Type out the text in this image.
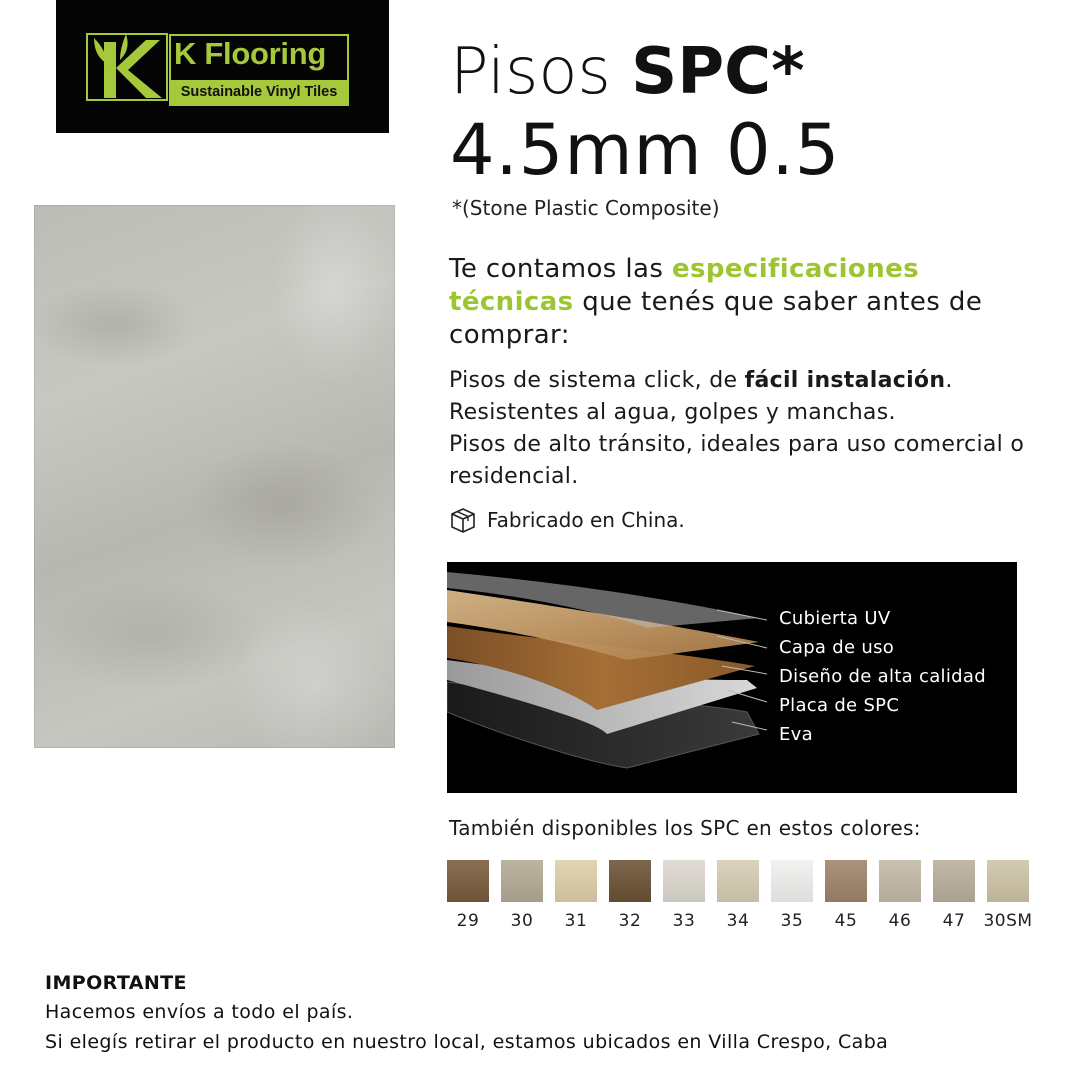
K Flooring
Sustainable Vinyl Tiles Pisos SPC*
4.5mm 0.5
*(Stone Plastic Composite)
Te contamos las especificaciones técnicas que tenés que saber antes de comprar:
Pisos de sistema click, de fácil instalación.
Resistentes al agua, golpes y manchas.
Pisos de alto tránsito, ideales para uso comercial o residencial.
Fabricado en China.
Cubierta UV
Capa de uso
Diseño de alta calidad
Placa de SPC
Eva
También disponibles los SPC en estos colores:
29 30 31 32 33 34 35 45 46 47 30SM
IMPORTANTE
Hacemos envíos a todo el país.
Si elegís retirar el producto en nuestro local, estamos ubicados en Villa Crespo, Caba
